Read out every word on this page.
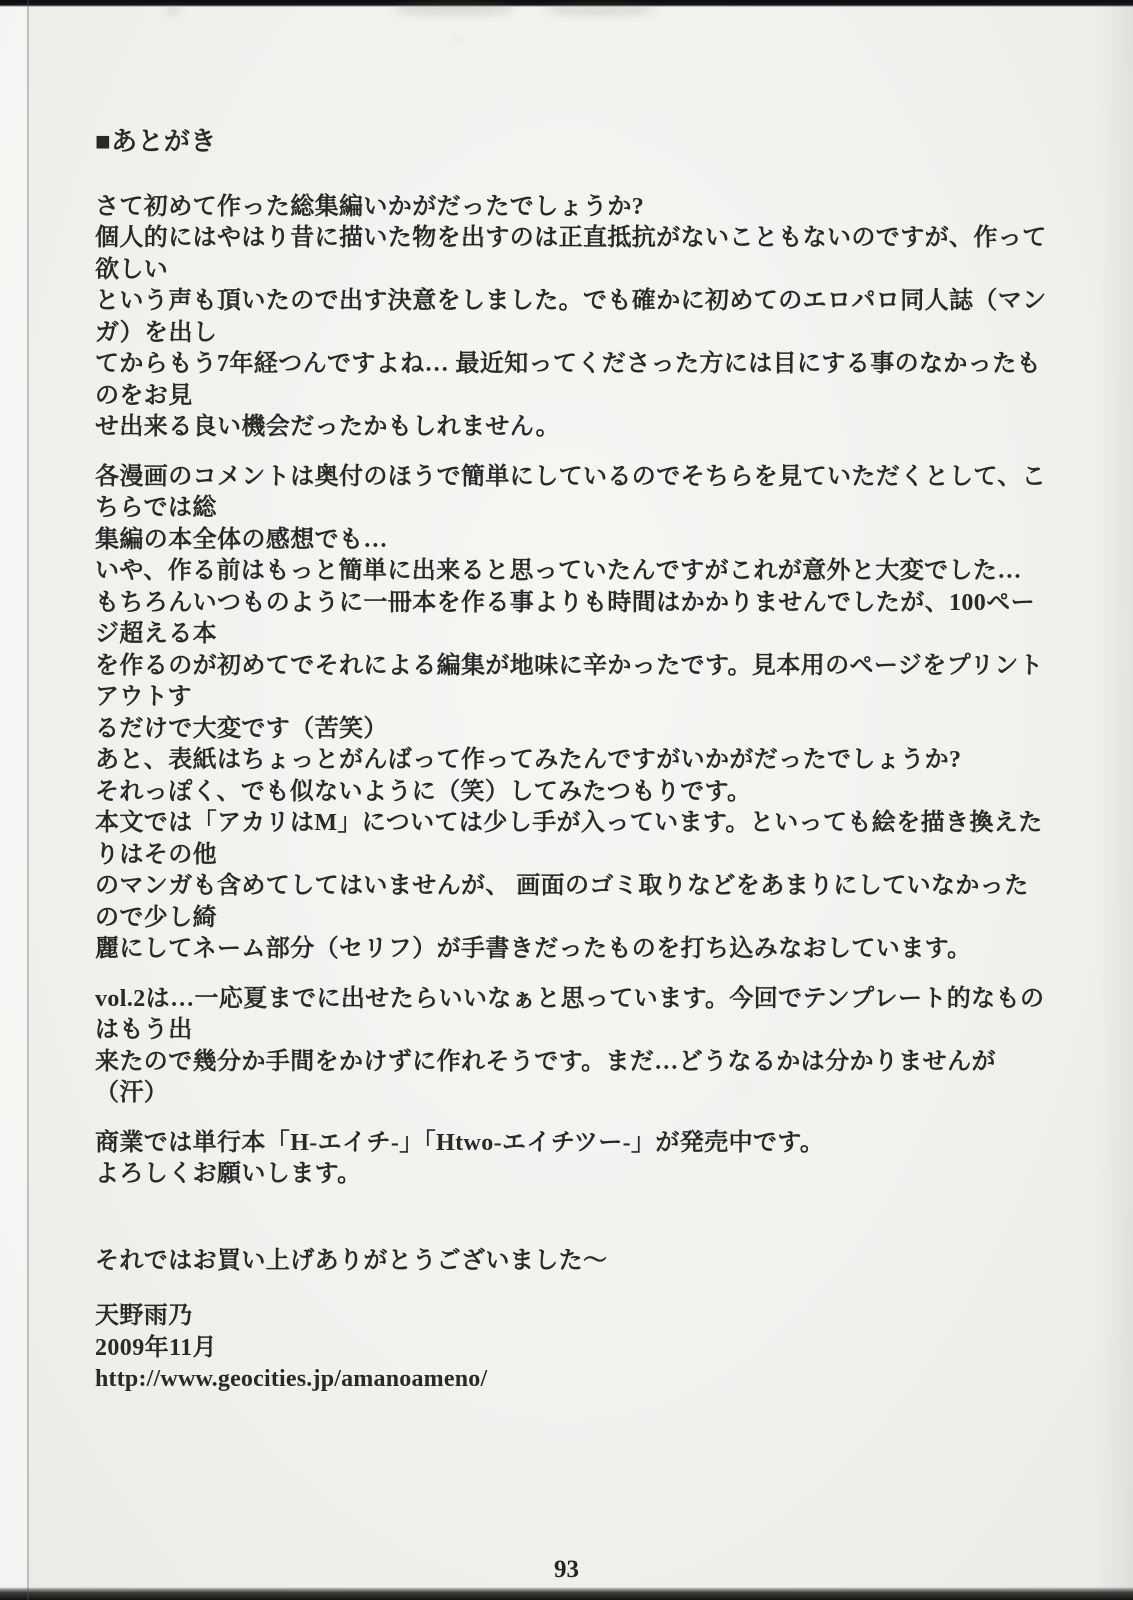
■あとがき
さて初めて作った総集編いかがだったでしょうか?
個人的にはやはり昔に描いた物を出すのは正直抵抗がないこともないのですが、作って欲しい
という声も頂いたので出す決意をしました。でも確かに初めてのエロパロ同人誌（マンガ）を出し
てからもう7年経つんですよね… 最近知ってくださった方には目にする事のなかったものをお見
せ出来る良い機会だったかもしれません。
各漫画のコメントは奥付のほうで簡単にしているのでそちらを見ていただくとして、こちらでは総
集編の本全体の感想でも…
いや、作る前はもっと簡単に出来ると思っていたんですがこれが意外と大変でした…
もちろんいつものように一冊本を作る事よりも時間はかかりませんでしたが、100ページ超える本
を作るのが初めてでそれによる編集が地味に辛かったです。見本用のページをプリントアウトす
るだけで大変です（苦笑）
あと、表紙はちょっとがんばって作ってみたんですがいかがだったでしょうか?
それっぽく、でも似ないように（笑）してみたつもりです。
本文では「アカリはM」については少し手が入っています。といっても絵を描き換えたりはその他
のマンガも含めてしてはいませんが、 画面のゴミ取りなどをあまりにしていなかったので少し綺
麗にしてネーム部分（セリフ）が手書きだったものを打ち込みなおしています。
vol.2は…一応夏までに出せたらいいなぁと思っています。今回でテンプレート的なものはもう出
来たので幾分か手間をかけずに作れそうです。まだ…どうなるかは分かりませんが（汗）
商業では単行本「H-エイチ-」「Htwo-エイチツー-」が発売中です。
よろしくお願いします。
それではお買い上げありがとうございました〜
天野雨乃
2009年11月
http://www.geocities.jp/amanoameno/
93
